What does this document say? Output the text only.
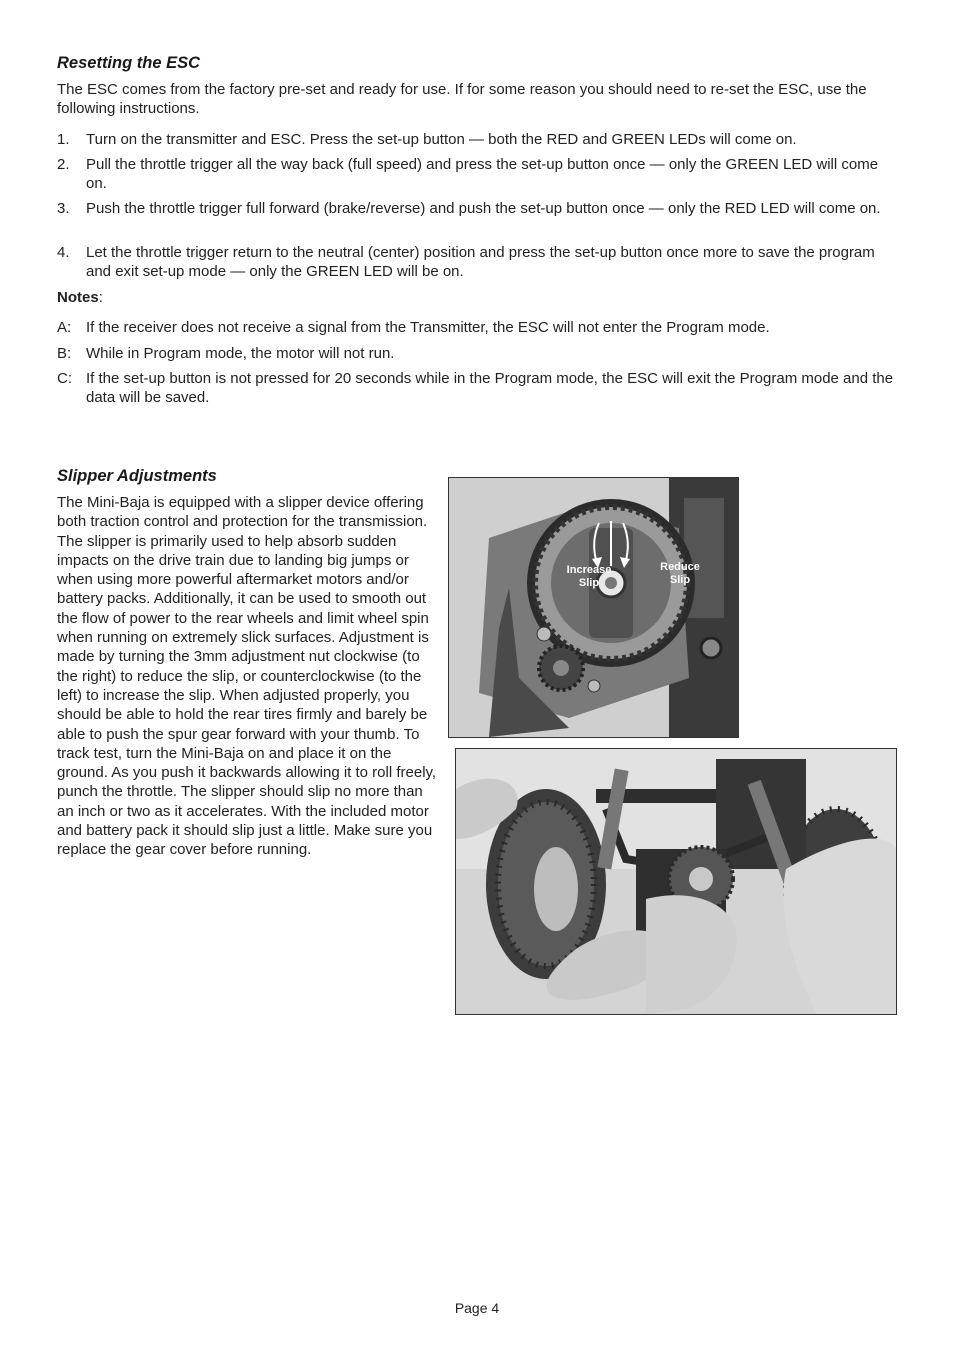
Resetting the ESC
The ESC comes from the factory pre-set and ready for use. If for some reason you should need to re-set the ESC, use the following instructions.
1. Turn on the transmitter and ESC. Press the set-up button — both the RED and GREEN LEDs will come on.
2. Pull the throttle trigger all the way back (full speed) and press the set-up button once — only the GREEN LED will come on.
3. Push the throttle trigger full forward (brake/reverse) and push the set-up button once — only the RED LED will come on.
4. Let the throttle trigger return to the neutral (center) position and press the set-up button once more to save the program and exit set-up mode — only the GREEN LED will be on.
Notes:
A: If the receiver does not receive a signal from the Transmitter, the ESC will not enter the Program mode.
B: While in Program mode, the motor will not run.
C: If the set-up button is not pressed for 20 seconds while in the Program mode, the ESC will exit the Program mode and the data will be saved.
Slipper Adjustments
The Mini-Baja is equipped with a slipper device offering both traction control and protection for the transmission. The slipper is primarily used to help absorb sudden impacts on the drive train due to landing big jumps or when using more powerful aftermarket motors and/or battery packs. Additionally, it can be used to smooth out the flow of power to the rear wheels and limit wheel spin when running on extremely slick surfaces. Adjustment is made by turning the 3mm adjustment nut clockwise (to the right) to reduce the slip, or counterclockwise (to the left) to increase the slip. When adjusted properly, you should be able to hold the rear tires firmly and barely be able to push the spur gear forward with your thumb. To track test, turn the Mini-Baja on and place it on the ground. As you push it backwards allowing it to roll freely, punch the throttle. The slipper should slip no more than an inch or two as it accelerates. With the included motor and battery pack it should slip just a little. Make sure you replace the gear cover before running.
Increase
Slip
Reduce
Slip
Page 4
